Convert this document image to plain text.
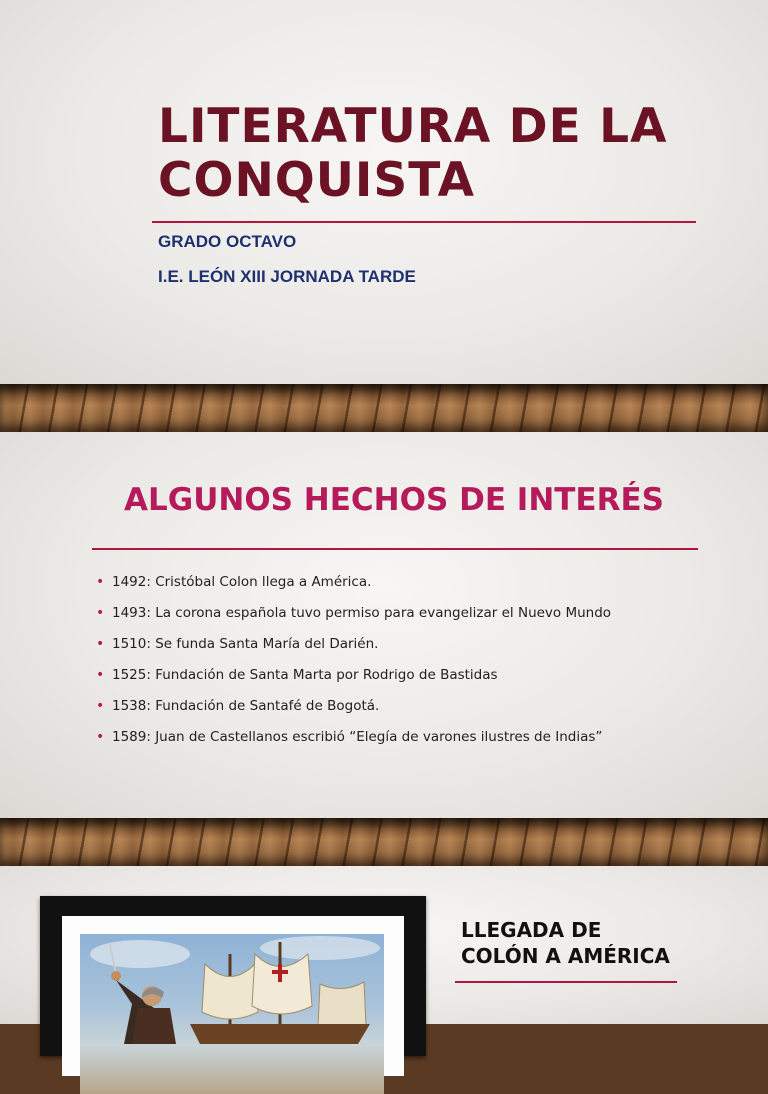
LITERATURA DE LA
CONQUISTA

GRADO OCTAVO

I.E. LEÓN XIII JORNADA TARDE

ALGUNOS HECHOS DE INTERÉS
• 1492: Cristóbal Colon llega a América.
• 1493: La corona española tuvo permiso para evangelizar el Nuevo Mundo
• 1510: Se funda Santa María del Darién.
• 1525: Fundación de Santa Marta por Rodrigo de Bastidas
• 1538: Fundación de Santafé de Bogotá.
• 1589: Juan de Castellanos escribió “Elegía de varones ilustres de Indias”
LLEGADA DE
COLÓN A AMÉRICA
